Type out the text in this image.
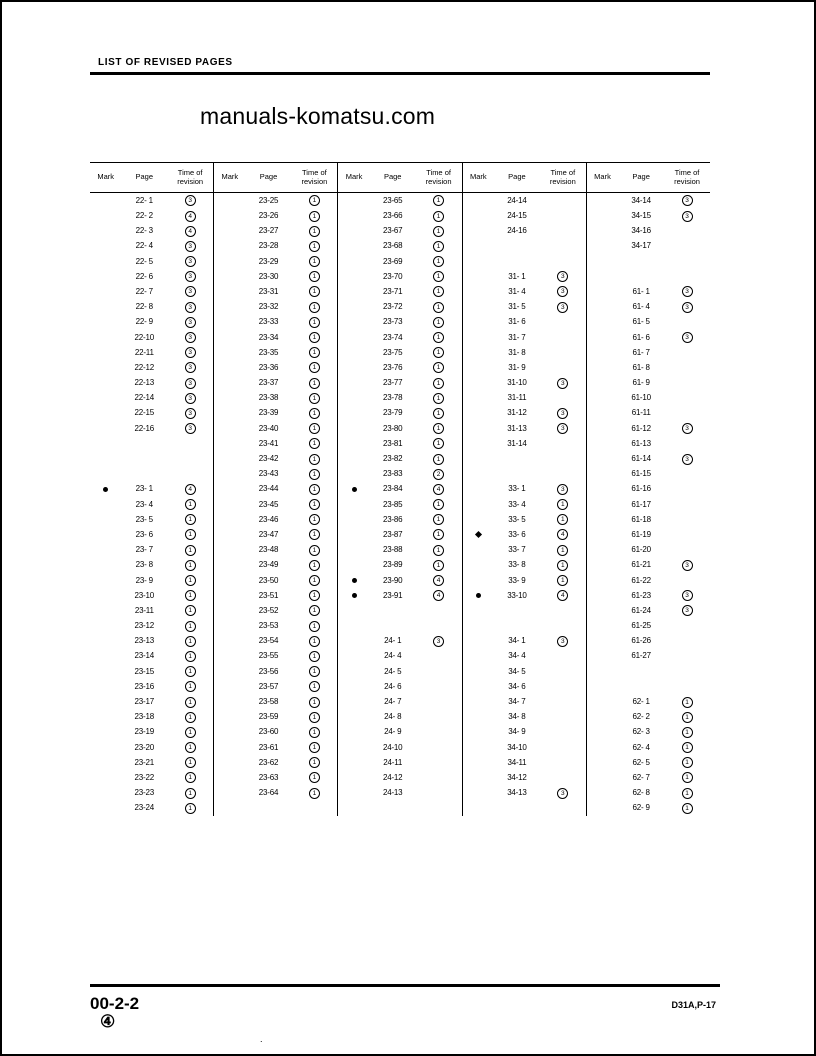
LIST OF REVISED PAGES
manuals-komatsu.com
Mark	Page	Time of revision	Mark	Page	Time of revision	Mark	Page	Time of revision	Mark	Page	Time of revision	Mark	Page	Time of revision
	22- 1	3		23-25	1		23-65	1		24-14			34-14	3
	22- 2	4		23-26	1		23-66	1		24-15			34-15	3
	22- 3	4		23-27	1		23-67	1		24-16			34-16	
	22- 4	3		23-28	1		23-68	1					34-17	
	22- 5	3		23-29	1		23-69	1						
	22- 6	3		23-30	1		23-70	1		31- 1	3			
	22- 7	3		23-31	1		23-71	1		31- 4	3		61- 1	3
	22- 8	3		23-32	1		23-72	1		31- 5	3		61- 4	3
	22- 9	3		23-33	1		23-73	1		31- 6			61- 5	
	22-10	3		23-34	1		23-74	1		31- 7			61- 6	3
	22-11	3		23-35	1		23-75	1		31- 8			61- 7	
	22-12	3		23-36	1		23-76	1		31- 9			61- 8	
	22-13	3		23-37	1		23-77	1		31-10	3		61- 9	
	22-14	3		23-38	1		23-78	1		31-11			61-10	
	22-15	3		23-39	1		23-79	1		31-12	3		61-11	
	22-16	3		23-40	1		23-80	1		31-13	3		61-12	3
				23-41	1		23-81	1		31-14			61-13	
				23-42	1		23-82	1					61-14	3
				23-43	1		23-83	2					61-15	
	23- 1	4		23-44	1		23-84	4		33- 1	3		61-16	
	23- 4	1		23-45	1		23-85	1		33- 4	1		61-17	
	23- 5	1		23-46	1		23-86	1		33- 5	1		61-18	
	23- 6	1		23-47	1		23-87	1		33- 6	4		61-19	
	23- 7	1		23-48	1		23-88	1		33- 7	1		61-20	
	23- 8	1		23-49	1		23-89	1		33- 8	1		61-21	3
	23- 9	1		23-50	1		23-90	4		33- 9	1		61-22	
	23-10	1		23-51	1		23-91	4		33-10	4		61-23	3
	23-11	1		23-52	1								61-24	3
	23-12	1		23-53	1								61-25	
	23-13	1		23-54	1		24- 1	3		34- 1	3		61-26	
	23-14	1		23-55	1		24- 4			34- 4			61-27	
	23-15	1		23-56	1		24- 5			34- 5				
	23-16	1		23-57	1		24- 6			34- 6				
	23-17	1		23-58	1		24- 7			34- 7			62- 1	1
	23-18	1		23-59	1		24- 8			34- 8			62- 2	1
	23-19	1		23-60	1		24- 9			34- 9			62- 3	1
	23-20	1		23-61	1		24-10			34-10			62- 4	1
	23-21	1		23-62	1		24-11			34-11			62- 5	1
	23-22	1		23-63	1		24-12			34-12			62- 7	1
	23-23	1		23-64	1		24-13			34-13	3		62- 8	1
	23-24	1											62- 9	1
00-2-2
④
D31A,P-17
.
